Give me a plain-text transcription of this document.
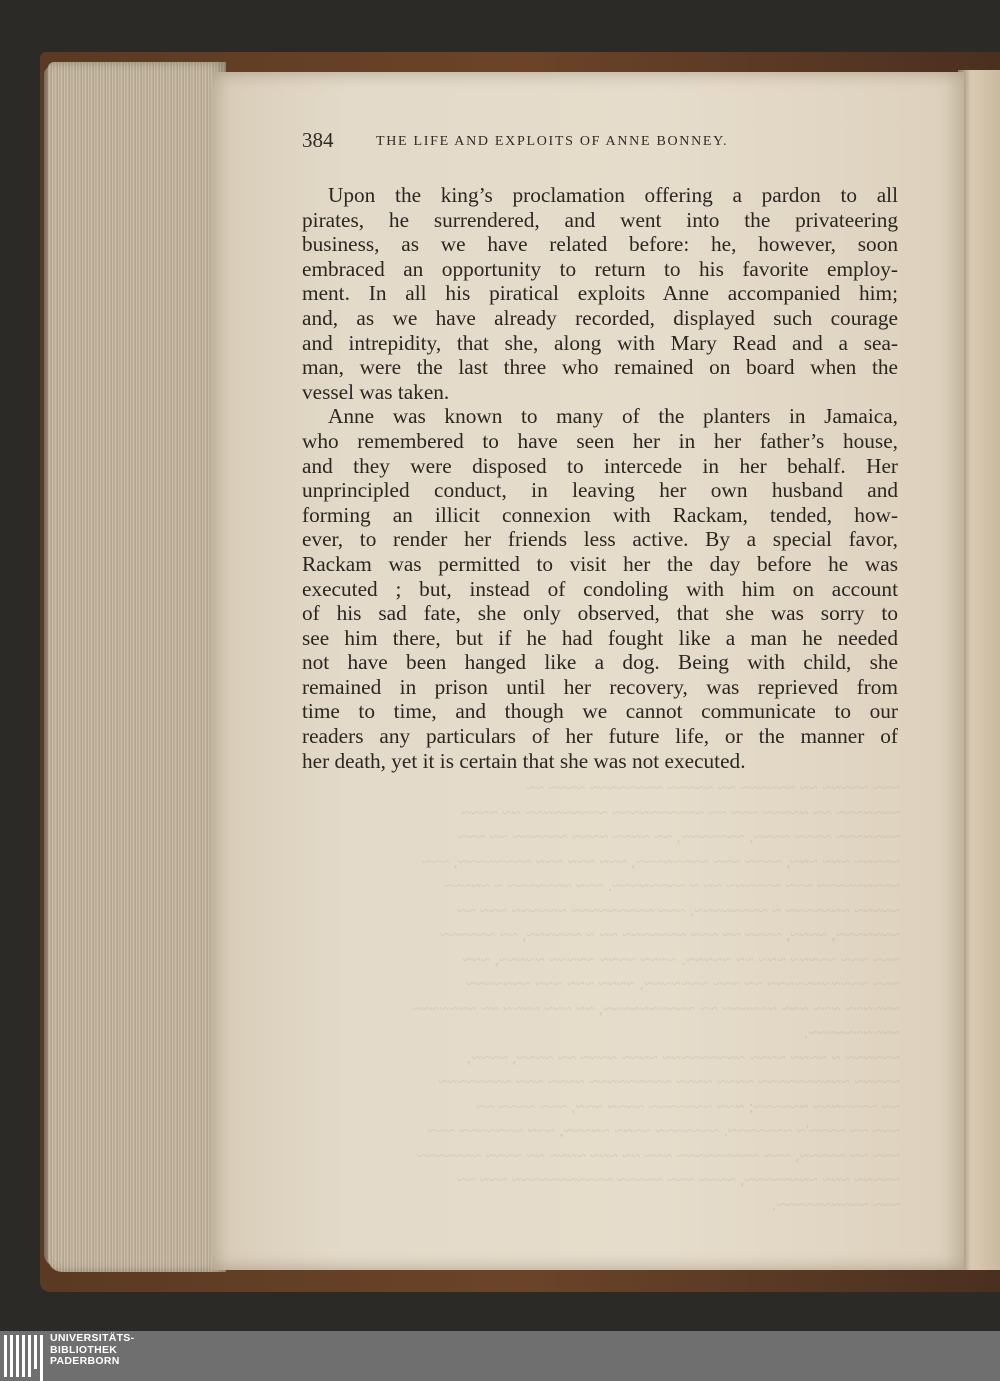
384	THE LIFE AND EXPLOITS OF ANNE BONNEY.
Upon the king’s proclamation offering a pardon to all
pirates, he surrendered, and went into the privateering
business, as we have related before: he, however, soon
embraced an opportunity to return to his favorite employ-
ment. In all his piratical exploits Anne accompanied him;
and, as we have already recorded, displayed such courage
and intrepidity, that she, along with Mary Read and a sea-
man, were the last three who remained on board when the
vessel was taken.
Anne was known to many of the planters in Jamaica,
who remembered to have seen her in her father’s house,
and they were disposed to intercede in her behalf. Her
unprincipled conduct, in leaving her own husband and
forming an illicit connexion with Rackam, tended, how-
ever, to render her friends less active. By a special favor,
Rackam was permitted to visit her the day before he was
executed ; but, instead of condoling with him on account
of his sad fate, she only observed, that she was sorry to
see him there, but if he had fought like a man he needed
not have been hanged like a dog. Being with child, she
remained in prison until her recovery, was reprieved from
time to time, and though we cannot communicate to our
readers any particulars of her future life, or the manner of
her death, yet it is certain that she was not executed.
UNIVERSITÄTS-
BIBLIOTHEK
PADERBORN
